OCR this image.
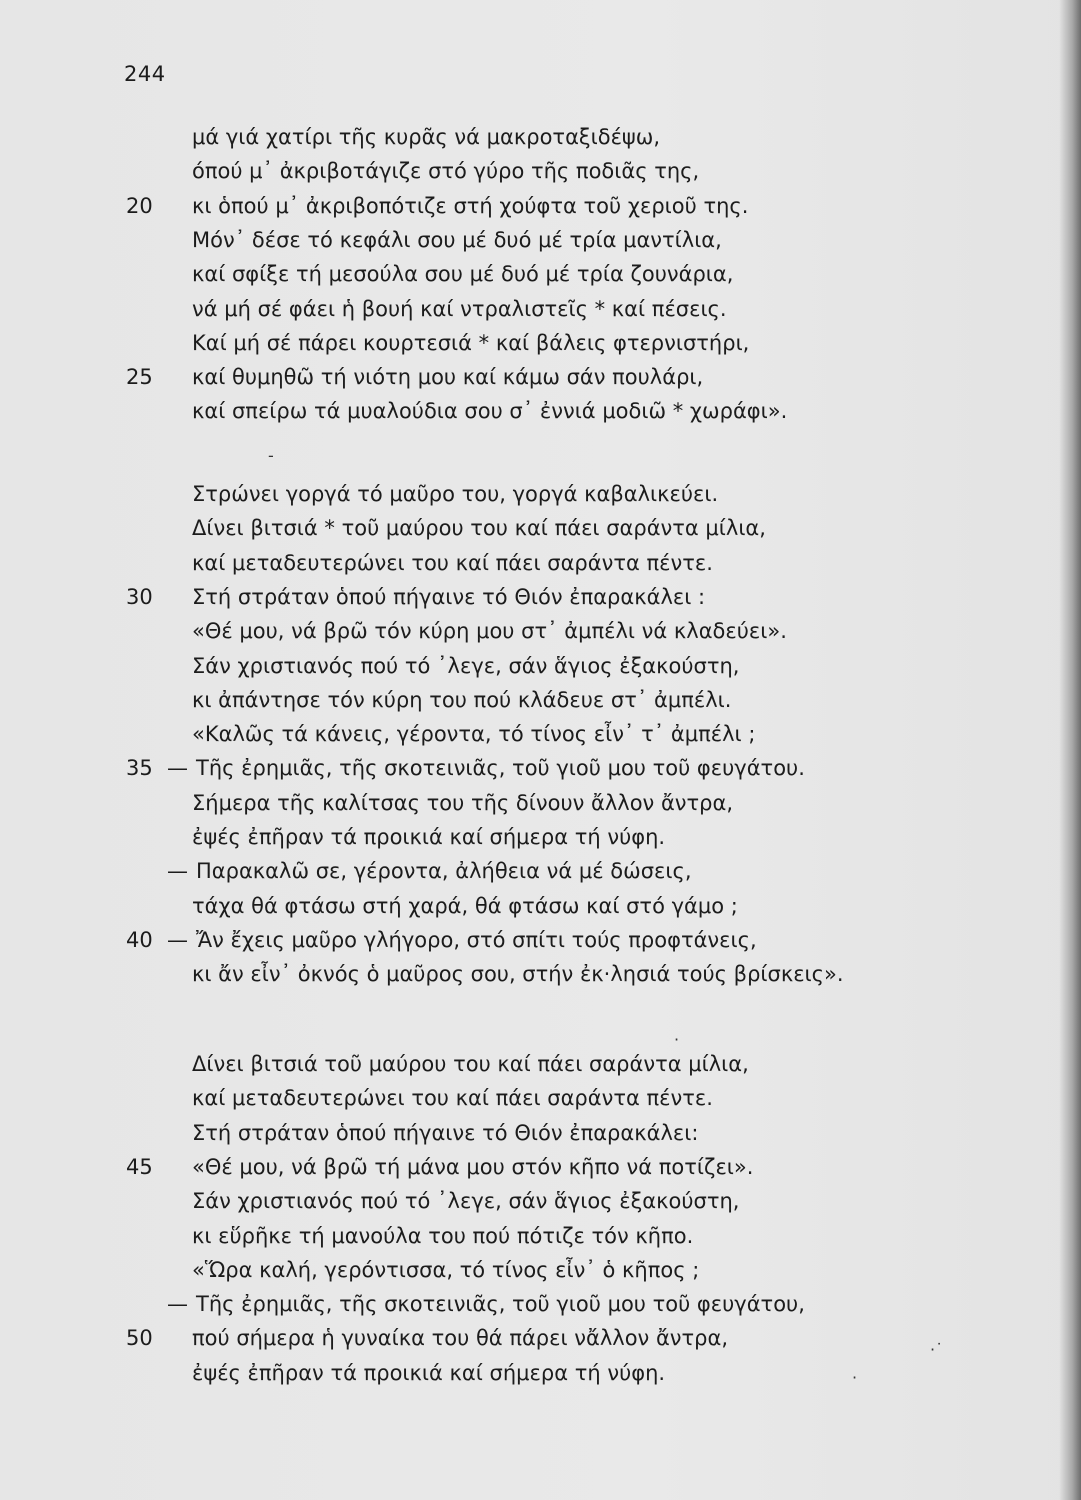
244
μά γιά χατίρι τῆς κυρᾶς νά μακροταξιδέψω,
όπού μ᾿ ἀκριβοτάγιζε στό γύρο τῆς ποδιᾶς της,
20	κι ὁπού μ᾿ ἀκριβοπότιζε στή χούφτα τοῦ χεριοῦ της.
Μόν᾿ δέσε τό κεφάλι σου μέ δυό μέ τρία μαντίλια,
καί σφίξε τή μεσούλα σου μέ δυό μέ τρία ζουνάρια,
νά μή σέ φάει ἡ βουή καί ντραλιστεῖς * καί πέσεις.
Καί μή σέ πάρει κουρτεσιά * καί βάλεις φτερνιστήρι,
25	καί θυμηθῶ τή νιότη μου καί κάμω σάν πουλάρι,
καί σπείρω τά μυαλούδια σου σ᾿ ἐννιά μοδιῶ * χωράφι».
Στρώνει γοργά τό μαῦρο του, γοργά καβαλικεύει.
Δίνει βιτσιά * τοῦ μαύρου του καί πάει σαράντα μίλια,
καί μεταδευτερώνει του καί πάει σαράντα πέντε.
30	Στή στράταν ὁπού πήγαινε τό Θιόν ἐπαρακάλει :
«Θέ μου, νά βρῶ τόν κύρη μου στ᾿ ἀμπέλι νά κλαδεύει».
Σάν χριστιανός πού τό ᾿λεγε, σάν ἅγιος ἐξακούστη,
κι ἀπάντησε τόν κύρη του πού κλάδευε στ᾿ ἀμπέλι.
«Καλῶς τά κάνεις, γέροντα, τό τίνος εἶν᾿ τ᾿ ἀμπέλι ;
35 — Τῆς ἐρημιᾶς, τῆς σκοτεινιᾶς, τοῦ γιοῦ μου τοῦ φευγάτου.
Σήμερα τῆς καλίτσας του τῆς δίνουν ἄλλον ἄντρα,
ἐψές ἐπῆραν τά προικιά καί σήμερα τή νύφη.
— Παρακαλῶ σε, γέροντα, ἀλήθεια νά μέ δώσεις,
τάχα θά φτάσω στή χαρά, θά φτάσω καί στό γάμο ;
40 — Ἄν ἔχεις μαῦρο γλήγορο, στό σπίτι τούς προφτάνεις,
κι ἄν εἶν᾿ ὀκνός ὁ μαῦρος σου, στήν ἐκ·λησιά τούς βρίσκεις».
Δίνει βιτσιά τοῦ μαύρου του καί πάει σαράντα μίλια,
καί μεταδευτερώνει του καί πάει σαράντα πέντε.
Στή στράταν ὁπού πήγαινε τό Θιόν ἐπαρακάλει:
45	«Θέ μου, νά βρῶ τή μάνα μου στόν κῆπο νά ποτίζει».
Σάν χριστιανός πού τό ᾿λεγε, σάν ἅγιος ἐξακούστη,
κι εὕρῆκε τή μανούλα του πού πότιζε τόν κῆπο.
«Ὥρα καλή, γερόντισσα, τό τίνος εἶν᾿ ὁ κῆπος ;
— Τῆς ἐρημιᾶς, τῆς σκοτεινιᾶς, τοῦ γιοῦ μου τοῦ φευγάτου,
50	πού σήμερα ἡ γυναίκα του θά πάρει νἄλλον ἄντρα,
ἐψές ἐπῆραν τά προικιά καί σήμερα τή νύφη.
-
·
·˙
·
